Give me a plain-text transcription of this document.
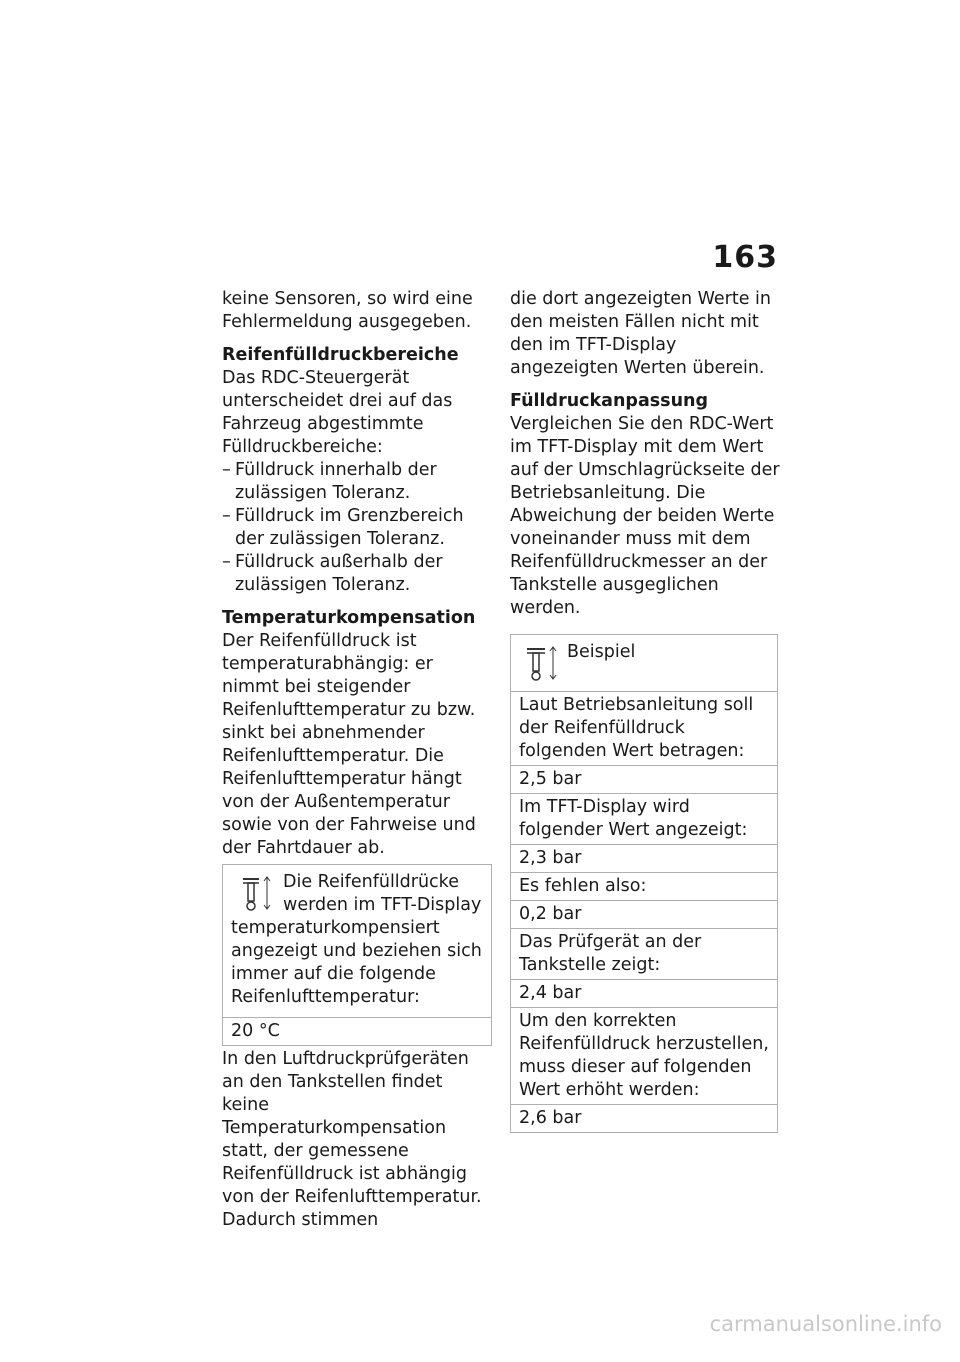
163

keine Sensoren, so wird eine Fehlermeldung ausgegeben.

Reifenfülldruckbereiche

Das RDC-Steuergerät unterscheidet drei auf das Fahrzeug abgestimmte Fülldruckbereiche:

– Fülldruck innerhalb der zulässigen Toleranz.
– Fülldruck im Grenzbereich der zulässigen Toleranz.
– Fülldruck außerhalb der zulässigen Toleranz.
Temperaturkompensation

Der Reifenfülldruck ist temperaturabhängig: er nimmt bei steigender Reifenlufttemperatur zu bzw. sinkt bei abnehmender Reifenlufttemperatur. Die Reifenlufttemperatur hängt von der Außentemperatur sowie von der Fahrweise und der Fahrtdauer ab.

Die Reifenfülldrücke werden im TFT-Display temperaturkompensiert angezeigt und beziehen sich immer auf die folgende Reifenlufttemperatur:
20 °C

In den Luftdruckprüfgeräten an den Tankstellen findet keine Temperaturkompensation statt, der gemessene Reifenfülldruck ist abhängig von der Reifenlufttemperatur. Dadurch stimmen

die dort angezeigten Werte in den meisten Fällen nicht mit den im TFT-Display angezeigten Werten überein.

Fülldruckanpassung

Vergleichen Sie den RDC-Wert im TFT-Display mit dem Wert auf der Umschlagrückseite der Betriebsanleitung. Die Abweichung der beiden Werte voneinander muss mit dem Reifenfülldruckmesser an der Tankstelle ausgeglichen werden.

Beispiel
Laut Betriebsanleitung soll der Reifenfülldruck folgenden Wert betragen:
2,5 bar
Im TFT-Display wird folgender Wert angezeigt:
2,3 bar
Es fehlen also:
0,2 bar
Das Prüfgerät an der Tankstelle zeigt:
2,4 bar
Um den korrekten Reifenfülldruck herzustellen, muss dieser auf folgenden Wert erhöht werden:
2,6 bar
carmanualsonline.info
